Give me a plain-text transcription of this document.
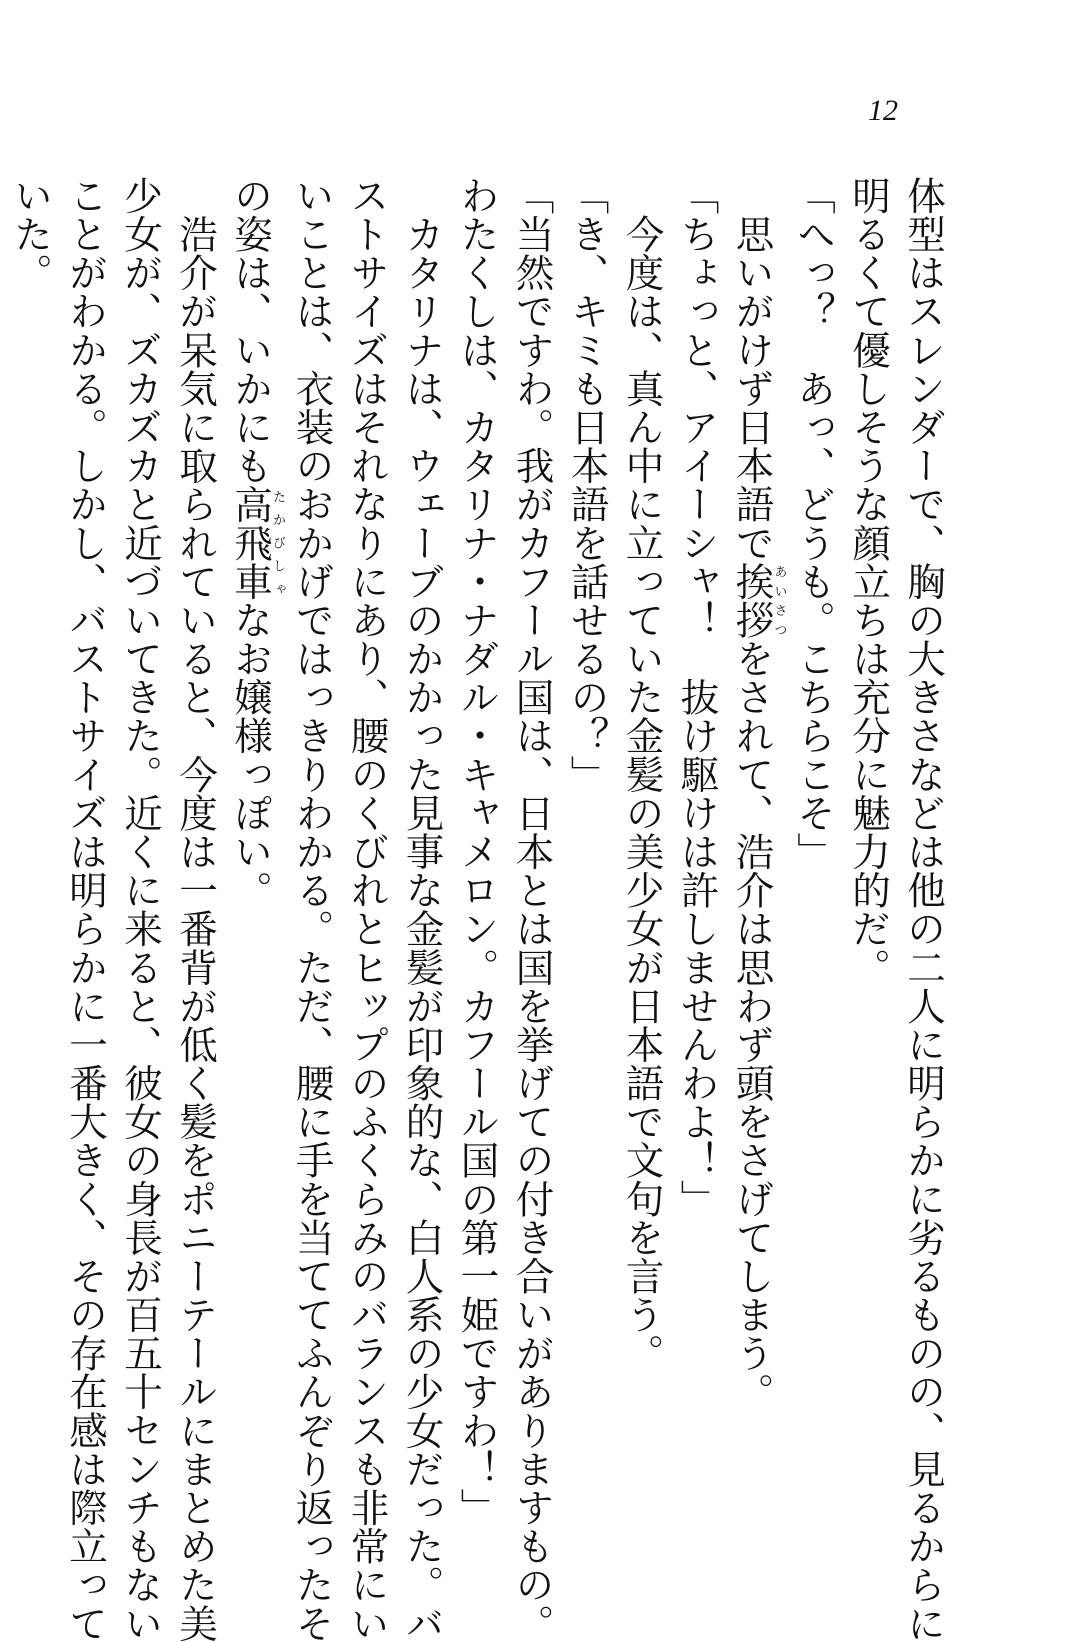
12

体型はスレンダーで、胸の大きさなどは他の二人に明らかに劣るものの、見るからに

明るくて優しそうな顔立ちは充分に魅力的だ。

「へっ？　あっ、どうも。こちらこそ」

　思いがけず日本語で挨拶あいさつをされて、浩介は思わず頭をさげてしまう。

「ちょっと、アイーシャ！　抜け駆けは許しませんわよ！」

　今度は、真ん中に立っていた金髪の美少女が日本語で文句を言う。

「き、キミも日本語を話せるの？」

「当然ですわ。我がカフール国は、日本とは国を挙げての付き合いがありますもの。

わたくしは、カタリナ・ナダル・キャメロン。カフール国の第一姫ですわ！」

　カタリナは、ウェーブのかかった見事な金髪が印象的な、白人系の少女だった。バ

ストサイズはそれなりにあり、腰のくびれとヒップのふくらみのバランスも非常にい

いことは、衣装のおかげではっきりわかる。ただ、腰に手を当ててふんぞり返ったそ

の姿は、いかにも高飛車たかびしゃなお嬢様っぽい。

　浩介が呆気に取られていると、今度は一番背が低く髪をポニーテールにまとめた美

少女が、ズカズカと近づいてきた。近くに来ると、彼女の身長が百五十センチもない

ことがわかる。しかし、バストサイズは明らかに一番大きく、その存在感は際立って

いた。
